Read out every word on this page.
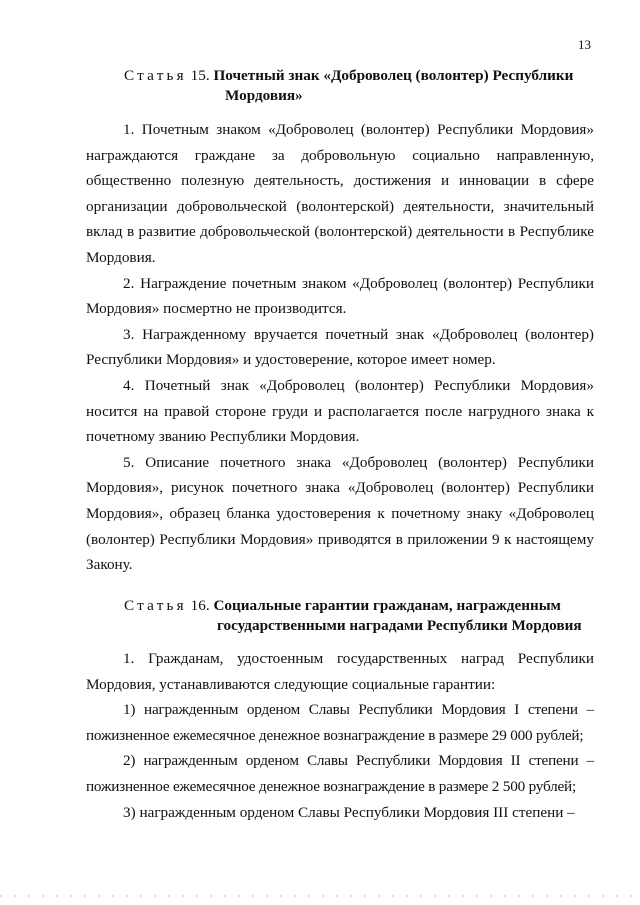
13
Статья 15. Почетный знак «Доброволец (волонтер) Республики
Мордовия»

1. Почетным знаком «Доброволец (волонтер) Республики Мордовия» награждаются граждане за добровольную социально направленную, общественно полезную деятельность, достижения и инновации в сфере организации добровольческой (волонтерской) деятельности, значительный вклад в развитие добровольческой (волонтерской) деятельности в Республике Мордовия.

2. Награждение почетным знаком «Доброволец (волонтер) Республики Мордовия» посмертно не производится.

3. Награжденному вручается почетный знак «Доброволец (волонтер) Республики Мордовия» и удостоверение, которое имеет номер.

4. Почетный знак «Доброволец (волонтер) Республики Мордовия» носится на правой стороне груди и располагается после нагрудного знака к почетному званию Республики Мордовия.

5. Описание почетного знака «Доброволец (волонтер) Республики Мордовия», рисунок почетного знака «Доброволец (волонтер) Республики Мордовия», образец бланка удостоверения к почетному знаку «Доброволец (волонтер) Республики Мордовия» приводятся в приложении 9 к настоящему Закону.

Статья 16. Социальные гарантии гражданам, награжденным
государственными наградами Республики Мордовия

1. Гражданам, удостоенным государственных наград Республики Мордовия, устанавливаются следующие социальные гарантии:

1) награжденным орденом Славы Республики Мордовия I степени – пожизненное ежемесячное денежное вознаграждение в размере 29 000 рублей;

2) награжденным орденом Славы Республики Мордовия II степени – пожизненное ежемесячное денежное вознаграждение в размере 2 500 рублей;

3) награжденным орденом Славы Республики Мордовия III степени –
